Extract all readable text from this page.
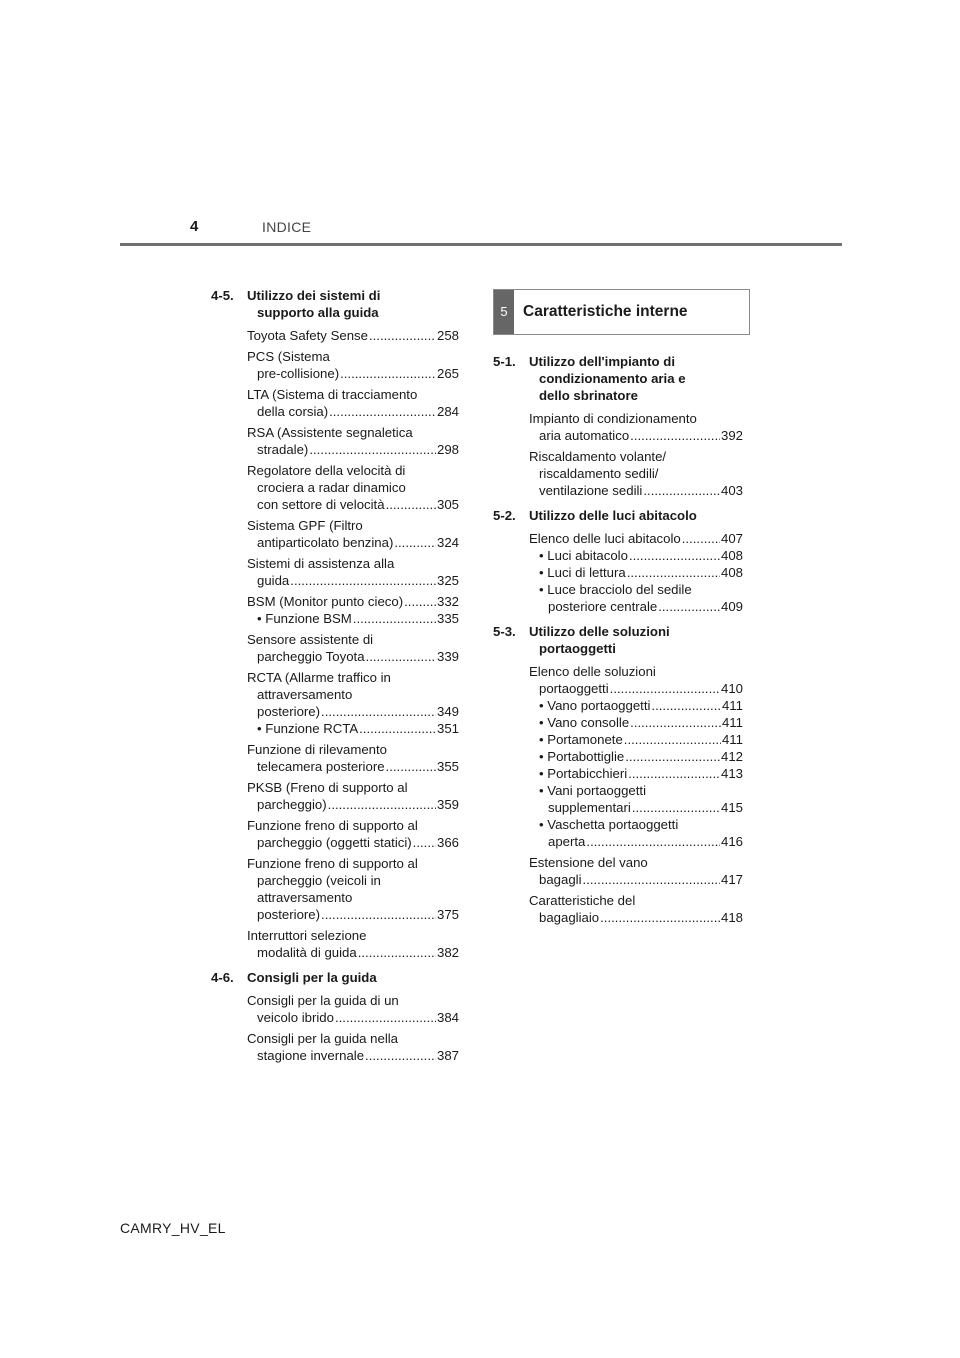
4	INDICE
4-5. Utilizzo dei sistemi di
supporto alla guida
Toyota Safety Sense .....	258
PCS (Sistema
pre-collisione) .....	265
LTA (Sistema di tracciamento
della corsia) .....	284
RSA (Assistente segnaletica
stradale) .....	298
Regolatore della velocità di
crociera a radar dinamico
con settore di velocità .....	305
Sistema GPF (Filtro
antiparticolato benzina) .....	324
Sistemi di assistenza alla
guida .....	325
BSM (Monitor punto cieco) .....	332
• Funzione BSM .....	335
Sensore assistente di
parcheggio Toyota .....	339
RCTA (Allarme traffico in
attraversamento
posteriore) .....	349
• Funzione RCTA .....	351
Funzione di rilevamento
telecamera posteriore .....	355
PKSB (Freno di supporto al
parcheggio) .....	359
Funzione freno di supporto al
parcheggio (oggetti statici) ..... 366
Funzione freno di supporto al
parcheggio (veicoli in
attraversamento
posteriore) .....	375
Interruttori selezione
modalità di guida .....	382
4-6. Consigli per la guida
Consigli per la guida di un
veicolo ibrido .....	384
Consigli per la guida nella
stagione invernale .....	387
5 Caratteristiche interne
5-1. Utilizzo dell'impianto di
condizionamento aria e
dello sbrinatore
Impianto di condizionamento
aria automatico .....	392
Riscaldamento volante/
riscaldamento sedili/
ventilazione sedili .....	403
5-2. Utilizzo delle luci abitacolo
Elenco delle luci abitacolo .....	407
• Luci abitacolo .....	408
• Luci di lettura .....	408
• Luce bracciolo del sedile
posteriore centrale .....	409
5-3. Utilizzo delle soluzioni
portaoggetti
Elenco delle soluzioni
portaoggetti .....	410
• Vano portaoggetti .....	411
• Vano consolle .....	411
• Portamonete .....	411
• Portabottiglie .....	412
• Portabicchieri .....	413
• Vani portaoggetti
supplementari .....	415
• Vaschetta portaoggetti
aperta .....	416
Estensione del vano
bagagli .....	417
Caratteristiche del
bagagliaio .....	418
CAMRY_HV_EL
